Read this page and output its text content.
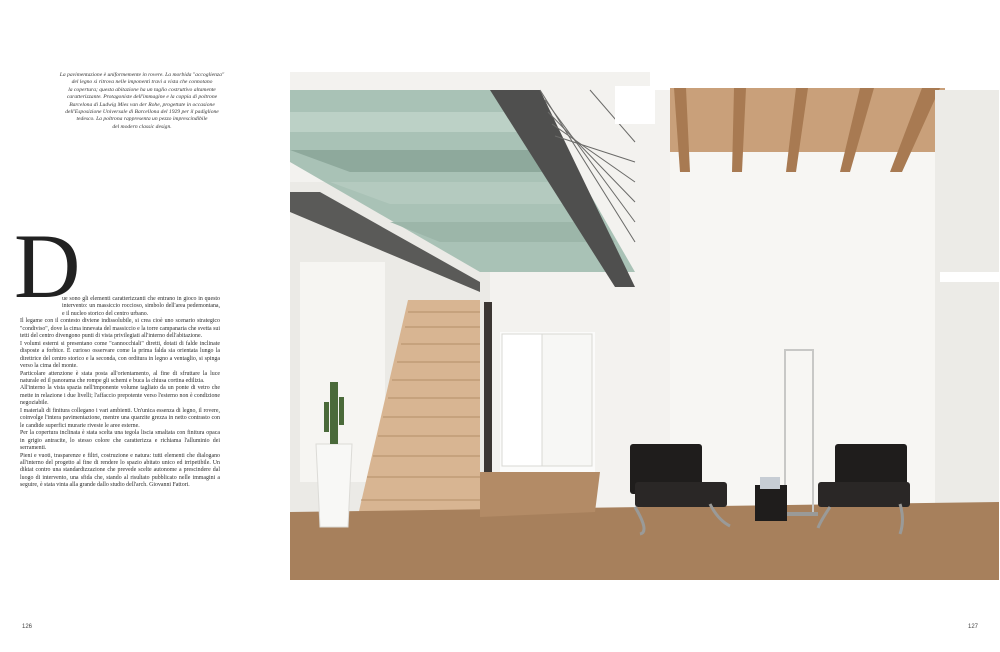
La pavimentazione è uniformemente in rovere. La morbida "accoglienza"

del legno si ritrova nelle imponenti travi a vista che connotano

la copertura; questa abitazione ha un taglio costruttivo altamente

caratterizzante. Protagoniste dell'immagine e la coppia di poltrone

Barcelona di Ludwig Mies van der Rohe, progettate in occasione

dell'Esposizione Universale di Barcellona del 1929 per il padiglione

tedesco. La poltrona rappresenta un pezzo imprescindibile

del modern classic design.

D

ue sono gli elementi caratterizzanti che entrano in gioco in questo intervento: un massiccio roccioso, simbolo dell'area pedemontana, e il nucleo storico del centro urbano.

Il legame con il contesto diviene indissolubile, si crea cioè uno scenario strategico "condiviso", dove la cima innevata del massiccio e la torre campanaria che svetta sui tetti del centro divengono punti di vista privilegiati all'interno dell'abitazione.

I volumi esterni si presentano come "cannocchiali" diretti, dotati di falde inclinate disposte a forbice. È curioso osservare come la prima falda sia orientata lungo la direttrice del centro storico e la seconda, con orditura in legno a ventaglio, si spinga verso la cima del monte.

Particolare attenzione è stata posta all'orientamento, al fine di sfruttare la luce naturale ed il panorama che rompe gli schemi e buca la chiusa cortina edilizia.

All'interno la vista spazia nell'imponente volume tagliato da un ponte di vetro che mette in relazione i due livelli; l'affaccio prepotente verso l'esterno non è condizione negoziabile.

I materiali di finitura collegano i vari ambienti. Un'unica essenza di legno, il rovere, coinvolge l'intera pavimentazione, mentre una quarzite grezza in netto contrasto con le candide superfici murarie riveste le aree esterne.

Per la copertura inclinata è stata scelta una tegola liscia smaltata con finitura opaca in grigio antracite, lo stesso colore che caratterizza e richiama l'alluminio dei serramenti.

Pieni e vuoti, trasparenze e filtri, costruzione e natura: tutti elementi che dialogano all'interno del progetto al fine di rendere lo spazio abitato unico ed irripetibile. Un diktat contro una standardizzazione che prevede scelte autonome a prescindere dal luogo di intervento, una sfida che, stando al risultato pubblicato nelle immagini a seguire, è stata vinta alla grande dallo studio dell'arch. Giovanni Fattori.

126	127
